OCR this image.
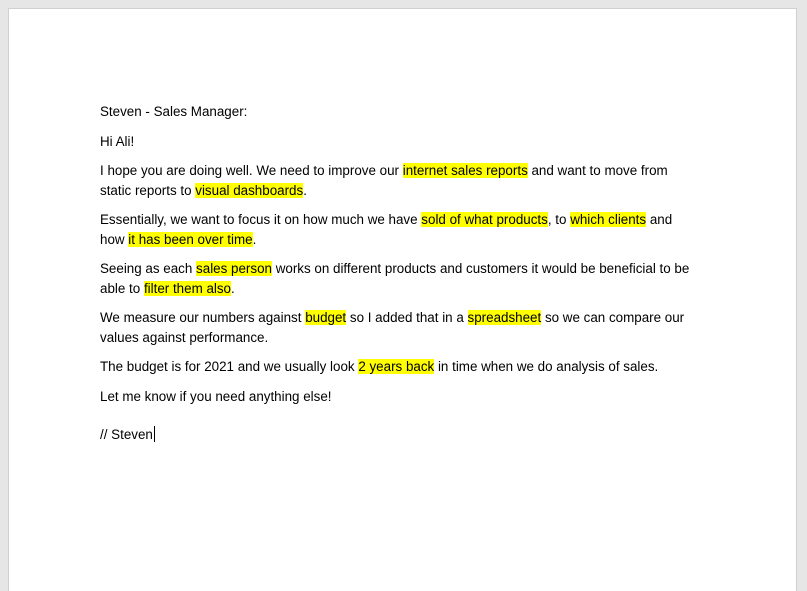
Steven - Sales Manager:

Hi Ali!

I hope you are doing well. We need to improve our internet sales reports and want to move from static reports to visual dashboards.

Essentially, we want to focus it on how much we have sold of what products, to which clients and how it has been over time.

Seeing as each sales person works on different products and customers it would be beneficial to be able to filter them also.

We measure our numbers against budget so I added that in a spreadsheet so we can compare our values against performance.

The budget is for 2021 and we usually look 2 years back in time when we do analysis of sales.

Let me know if you need anything else!

// Steven
